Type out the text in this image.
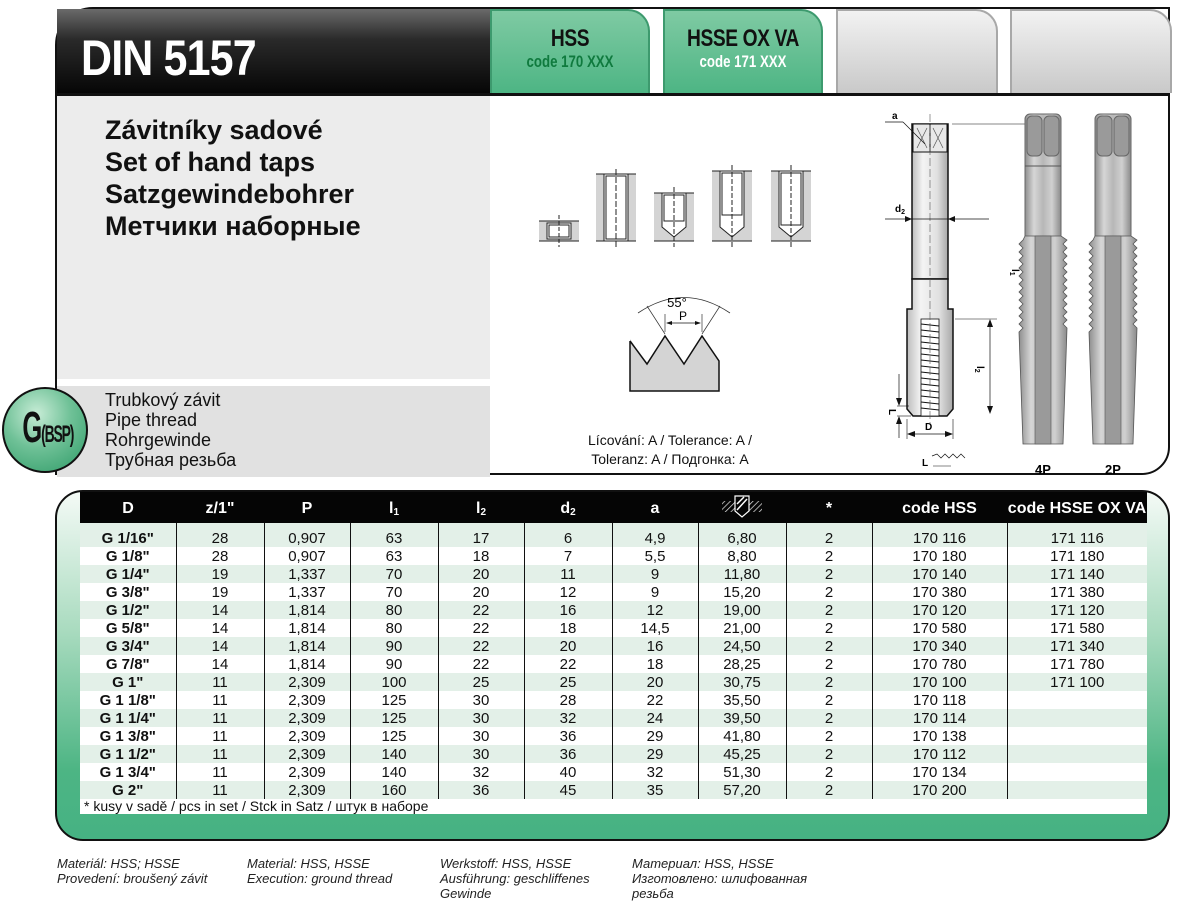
DIN 5157	HSS
code 170 XXX
HSSE OX VA
code 171 XXX
Závitníky sadové
Set of hand taps
Satzgewindebohrer
Метчики наборные
Trubkový závit
Pipe thread
Rohrgewinde
Трубная резьба
55°
P
a
$d_2$
$l_1$
$l_2$
L
D
L	4P	2P
G(BSP)	Lícování: A / Tolerance: A /
Toleranz: A / Подгонка: A
D	z/1"	P	$l_1$	$l_2$	$d_2$	a		*	code HSS	code HSSE OX VA
G 1/16"	28	0,907	63	17	6	4,9	6,80	2	170 116	171 116
G 1/8"	28	0,907	63	18	7	5,5	8,80	2	170 180	171 180
G 1/4"	19	1,337	70	20	11	9	11,80	2	170 140	171 140
G 3/8"	19	1,337	70	20	12	9	15,20	2	170 380	171 380
G 1/2"	14	1,814	80	22	16	12	19,00	2	170 120	171 120
G 5/8"	14	1,814	80	22	18	14,5	21,00	2	170 580	171 580
G 3/4"	14	1,814	90	22	20	16	24,50	2	170 340	171 340
G 7/8"	14	1,814	90	22	22	18	28,25	2	170 780	171 780
G 1"	11	2,309	100	25	25	20	30,75	2	170 100	171 100
G 1 1/8"	11	2,309	125	30	28	22	35,50	2	170 118	
G 1 1/4"	11	2,309	125	30	32	24	39,50	2	170 114	
G 1 3/8"	11	2,309	125	30	36	29	41,80	2	170 138	
G 1 1/2"	11	2,309	140	30	36	29	45,25	2	170 112	
G 1 3/4"	11	2,309	140	32	40	32	51,30	2	170 134	
G 2"	11	2,309	160	36	45	35	57,20	2	170 200	
* kusy v sadě / pcs in set / Stck in Satz / штук в наборе
Materiál: HSS; HSSE
Provedení: broušený závit
Material: HSS, HSSE
Execution: ground thread
Werkstoff: HSS, HSSE
Ausführung: geschliffenes
Gewinde
Материал: HSS, HSSE
Изготовлено: шлифованная
резьба
